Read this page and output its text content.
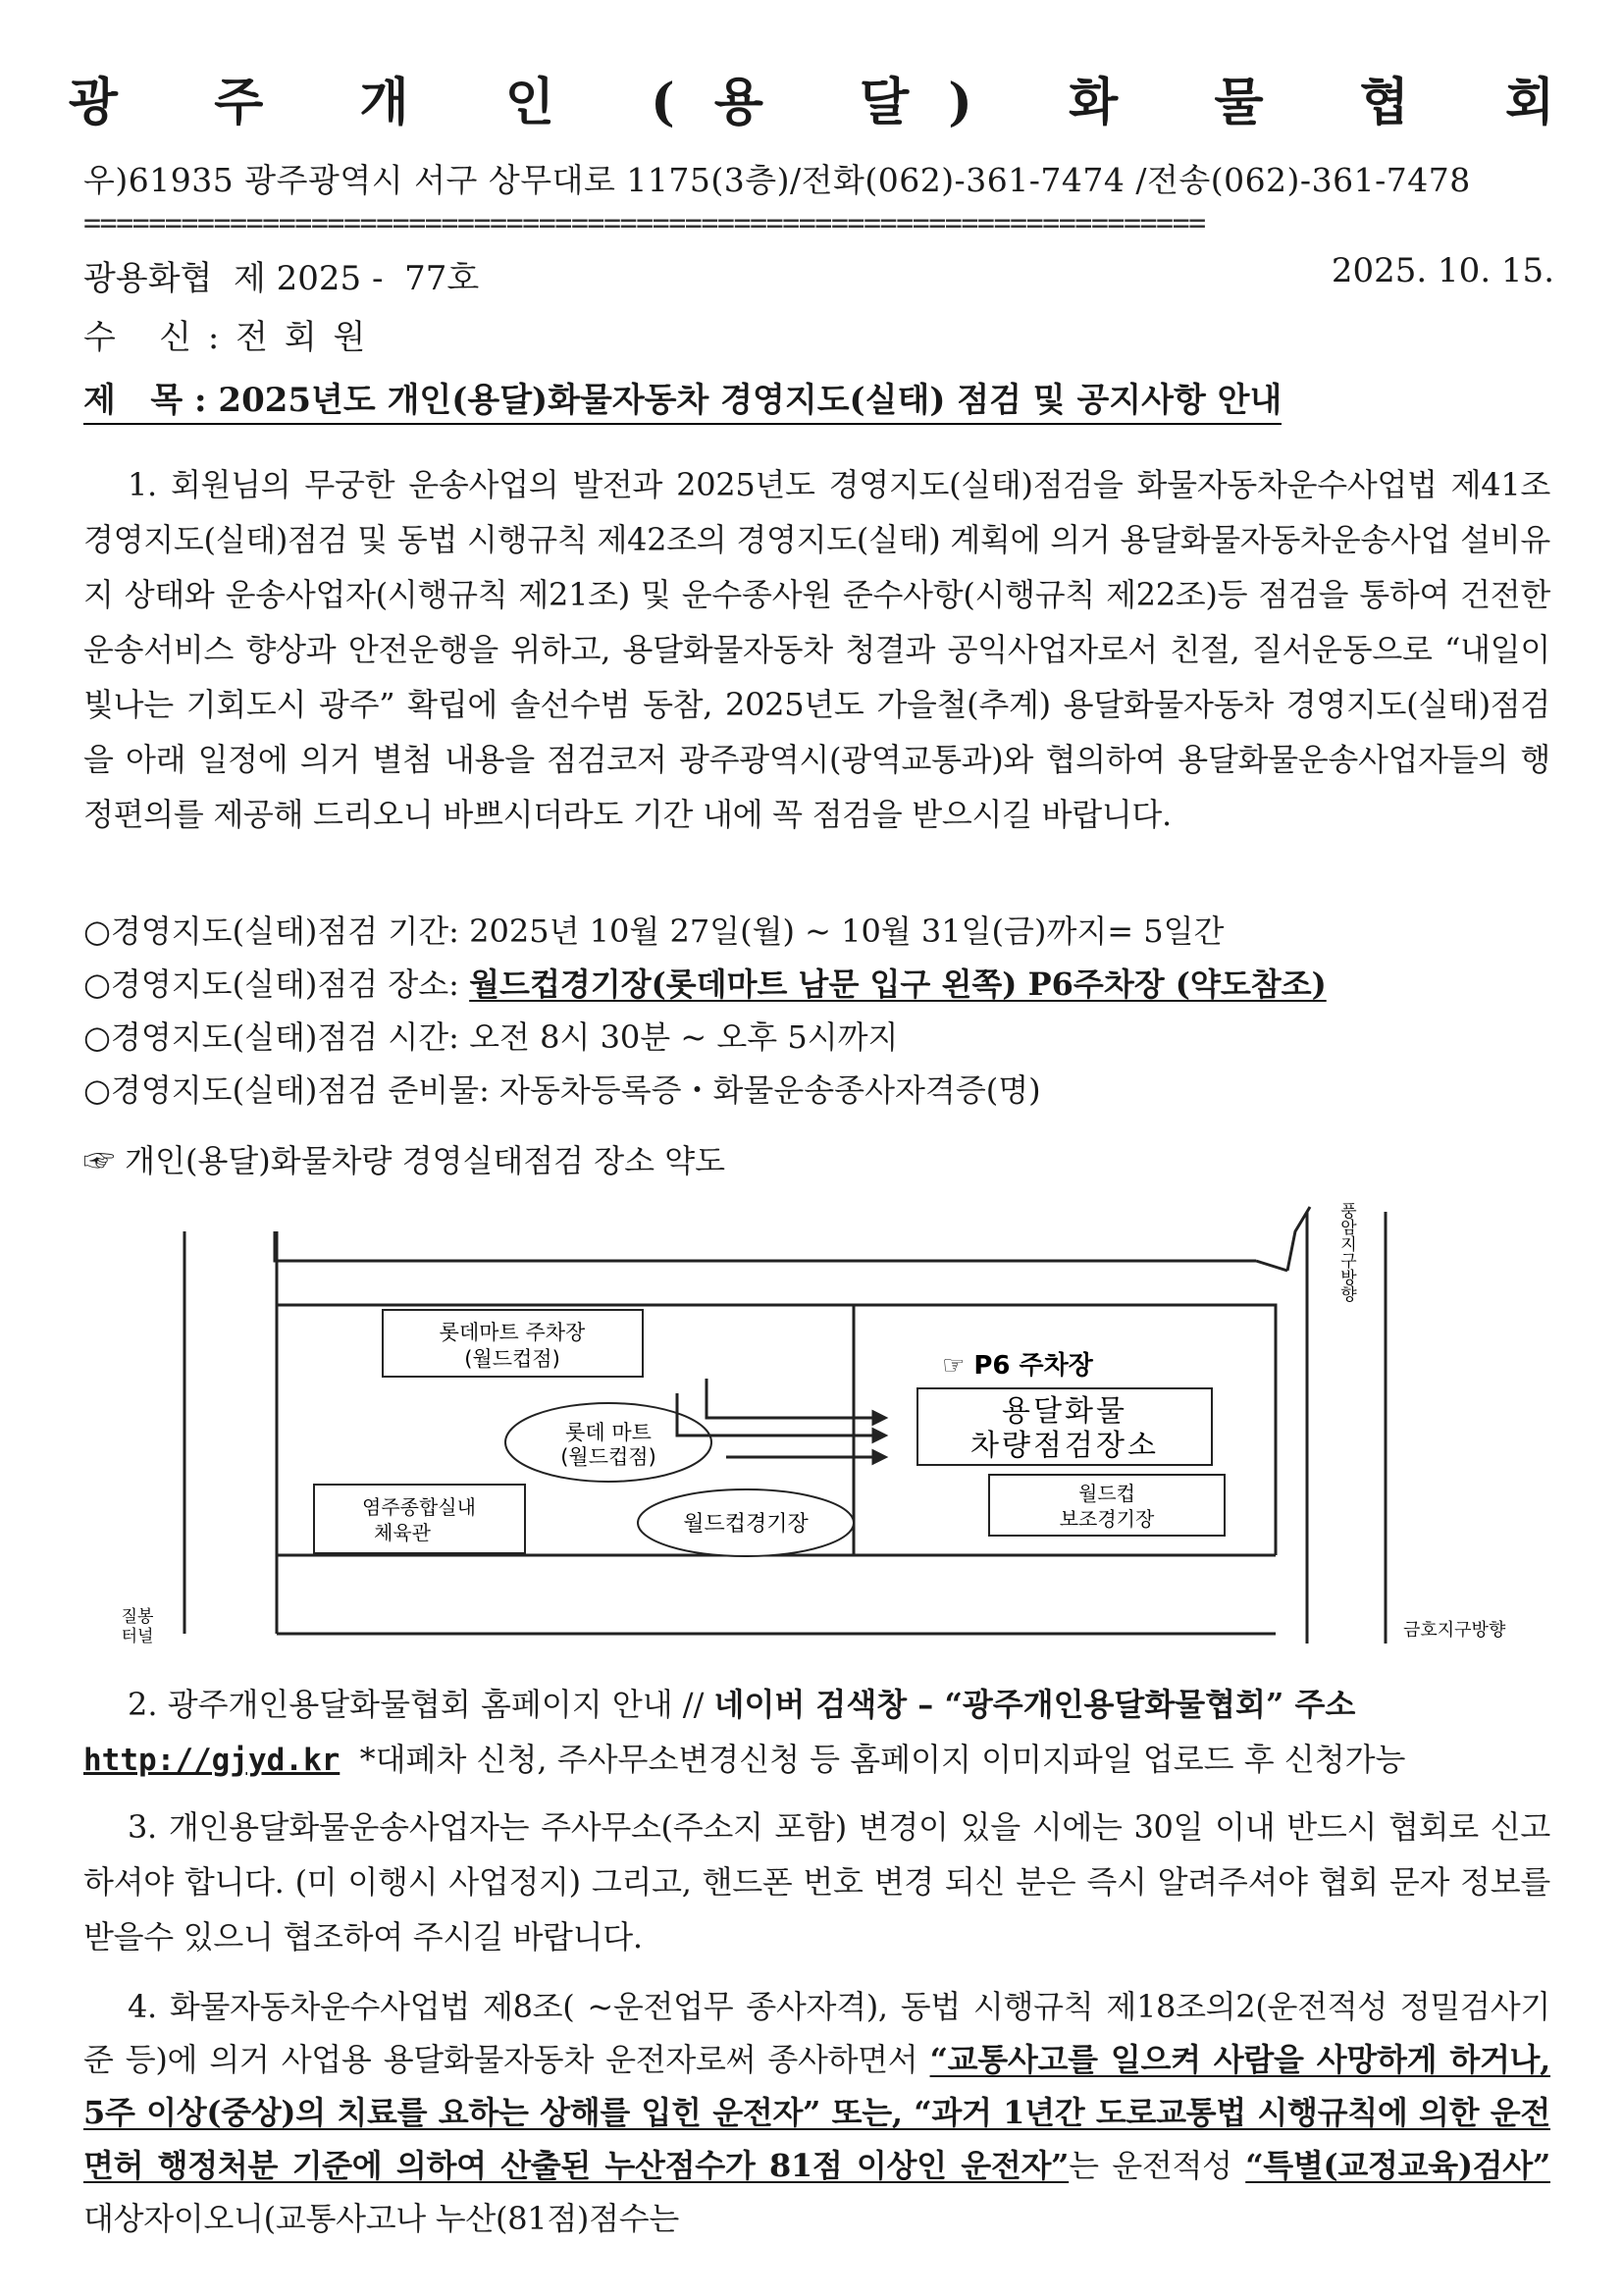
광 주 개 인 (용 달) 화 물 협 회
우)61935 광주광역시 서구 상무대로 1175(3층)/전화(062)-361-7474 /전송(062)-361-7478
=====================================================================
광용화협  제 2025 -  77호	2025. 10. 15.
수   신 : 전 회 원
제   목 : 2025년도 개인(용달)화물자동차 경영지도(실태) 점검 및 공지사항 안내
1. 회원님의 무궁한 운송사업의 발전과 2025년도 경영지도(실태)점검을 화물자동차운수사업법 제41조 경영지도(실태)점검 및 동법 시행규칙 제42조의 경영지도(실태) 계획에 의거 용달화물자동차운송사업 설비유지 상태와 운송사업자(시행규칙 제21조) 및 운수종사원 준수사항(시행규칙 제22조)등 점검을 통하여 건전한 운송서비스 향상과 안전운행을 위하고, 용달화물자동차 청결과 공익사업자로서 친절, 질서운동으로 “내일이 빛나는 기회도시 광주” 확립에 솔선수범 동참, 2025년도 가을철(추계) 용달화물자동차 경영지도(실태)점검을 아래 일정에 의거 별첨 내용을 점검코저 광주광역시(광역교통과)와 협의하여 용달화물운송사업자들의 행정편의를 제공해 드리오니 바쁘시더라도 기간 내에 꼭 점검을 받으시길 바랍니다.
○경영지도(실태)점검 기간: 2025년 10월 27일(월) ~ 10월 31일(금)까지= 5일간
○경영지도(실태)점검 장소: 월드컵경기장(롯데마트 남문 입구 왼쪽) P6주차장 (약도참조)
○경영지도(실태)점검 시간: 오전 8시 30분 ~ 오후 5시까지
○경영지도(실태)점검 준비물: 자동차등록증・화물운송종사자격증(명)
☞ 개인(용달)화물차량 경영실태점검 장소 약도
롯데마트 주차장
(월드컵점)	☞ P6 주차장
용달화물
차량점검장소
롯데 마트
(월드컵점)
월드컵
보조경기장
염주종합실내
체육관	월드컵경기장
질봉
터널	금호지구방향
풍암지구방향
2. 광주개인용달화물협회 홈페이지 안내 // 네이버 검색창 – “광주개인용달화물협회” 주소
http://gjyd.kr  *대폐차 신청, 주사무소변경신청 등 홈페이지 이미지파일 업로드 후 신청가능
3. 개인용달화물운송사업자는 주사무소(주소지 포함) 변경이 있을 시에는 30일 이내 반드시 협회로 신고하셔야 합니다. (미 이행시 사업정지) 그리고, 핸드폰 번호 변경 되신 분은 즉시 알려주셔야 협회 문자 정보를 받을수 있으니 협조하여 주시길 바랍니다.
4. 화물자동차운수사업법 제8조( ~운전업무 종사자격), 동법 시행규칙 제18조의2(운전적성 정밀검사기준 등)에 의거 사업용 용달화물자동차 운전자로써 종사하면서 “교통사고를 일으켜 사람을 사망하게 하거나, 5주 이상(중상)의 치료를 요하는 상해를 입힌 운전자” 또는, “과거 1년간 도로교통법 시행규칙에 의한 운전면허 행정처분 기준에 의하여 산출된 누산점수가 81점 이상인 운전자”는 운전적성 “특별(교정교육)검사” 대상자이오니(교통사고나 누산(81점)점수는
